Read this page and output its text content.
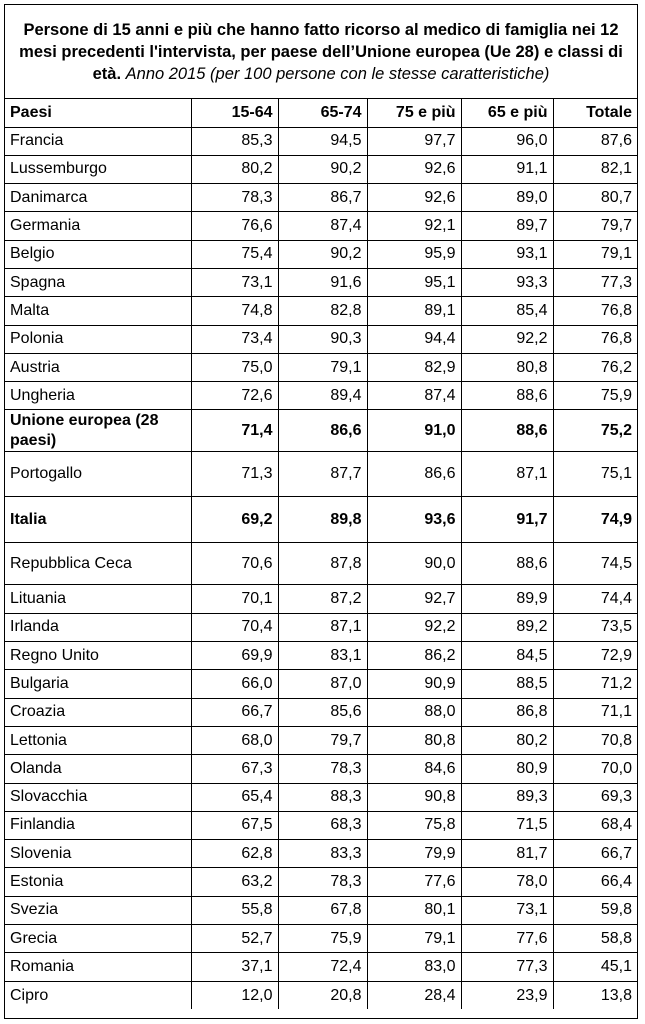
Persone di 15 anni e più che hanno fatto ricorso al medico di famiglia nei 12 mesi precedenti l'intervista, per paese dell’Unione europea (Ue 28) e classi di età. Anno 2015 (per 100 persone con le stesse caratteristiche)
Paesi	15-64	65-74	75 e più	65 e più	Totale
Francia	85,3	94,5	97,7	96,0	87,6
Lussemburgo	80,2	90,2	92,6	91,1	82,1
Danimarca	78,3	86,7	92,6	89,0	80,7
Germania	76,6	87,4	92,1	89,7	79,7
Belgio	75,4	90,2	95,9	93,1	79,1
Spagna	73,1	91,6	95,1	93,3	77,3
Malta	74,8	82,8	89,1	85,4	76,8
Polonia	73,4	90,3	94,4	92,2	76,8
Austria	75,0	79,1	82,9	80,8	76,2
Ungheria	72,6	89,4	87,4	88,6	75,9
Unione europea (28 paesi)	71,4	86,6	91,0	88,6	75,2
Portogallo	71,3	87,7	86,6	87,1	75,1
Italia	69,2	89,8	93,6	91,7	74,9
Repubblica Ceca	70,6	87,8	90,0	88,6	74,5
Lituania	70,1	87,2	92,7	89,9	74,4
Irlanda	70,4	87,1	92,2	89,2	73,5
Regno Unito	69,9	83,1	86,2	84,5	72,9
Bulgaria	66,0	87,0	90,9	88,5	71,2
Croazia	66,7	85,6	88,0	86,8	71,1
Lettonia	68,0	79,7	80,8	80,2	70,8
Olanda	67,3	78,3	84,6	80,9	70,0
Slovacchia	65,4	88,3	90,8	89,3	69,3
Finlandia	67,5	68,3	75,8	71,5	68,4
Slovenia	62,8	83,3	79,9	81,7	66,7
Estonia	63,2	78,3	77,6	78,0	66,4
Svezia	55,8	67,8	80,1	73,1	59,8
Grecia	52,7	75,9	79,1	77,6	58,8
Romania	37,1	72,4	83,0	77,3	45,1
Cipro	12,0	20,8	28,4	23,9	13,8
